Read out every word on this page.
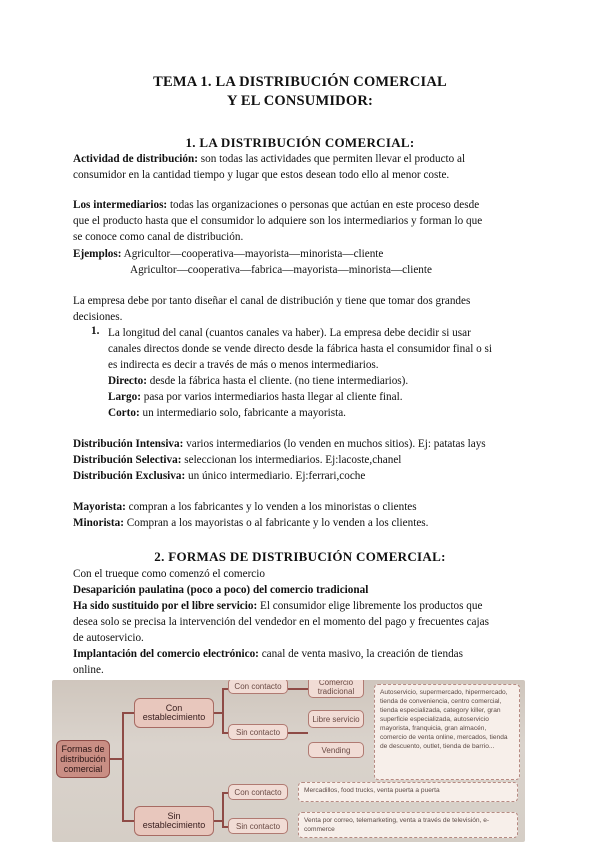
TEMA 1. LA DISTRIBUCIÓN COMERCIAL
Y EL CONSUMIDOR:
1. LA DISTRIBUCIÓN COMERCIAL:
Actividad de distribución: son todas las actividades que permiten llevar el producto al
consumidor en la cantidad tiempo y lugar que estos desean todo ello al menor coste.
Los intermediarios: todas las organizaciones o personas que actúan en este proceso desde
que el producto hasta que el consumidor lo adquiere son los intermediarios y forman lo que
se conoce como canal de distribución.
Ejemplos: Agricultor—cooperativa—mayorista—minorista—cliente
Agricultor—cooperativa—fabrica—mayorista—minorista—cliente
La empresa debe por tanto diseñar el canal de distribución y tiene que tomar dos grandes
decisiones.
1. La longitud del canal (cuantos canales va haber). La empresa debe decidir si usar
canales directos donde se vende directo desde la fábrica hasta el consumidor final o si
es indirecta es decir a través de más o menos intermediarios.
Directo: desde la fábrica hasta el cliente. (no tiene intermediarios).
Largo: pasa por varios intermediarios hasta llegar al cliente final.
Corto: un intermediario solo, fabricante a mayorista.
Distribución Intensiva: varios intermediarios (lo venden en muchos sitios). Ej: patatas lays
Distribución Selectiva: seleccionan los intermediarios. Ej:lacoste,chanel
Distribución Exclusiva: un único intermediario. Ej:ferrari,coche
Mayorista: compran a los fabricantes y lo venden a los minoristas o clientes
Minorista: Compran a los mayoristas o al fabricante y lo venden a los clientes.
2. FORMAS DE DISTRIBUCIÓN COMERCIAL:
Con el trueque como comenzó el comercio
Desaparición paulatina (poco a poco) del comercio tradicional
Ha sido sustituido por el libre servicio: El consumidor elige libremente los productos que
desea solo se precisa la intervención del vendedor en el momento del pago y frecuentes cajas
de autoservicio.
Implantación del comercio electrónico: canal de venta masivo, la creación de tiendas
online.
Formas de distribución comercial
Con establecimiento
Sin establecimiento
Con contacto
Sin contacto
Con contacto
Sin contacto
Comercio tradicional
Libre servicio
Vending
Autoservicio, supermercado, hipermercado, tienda de conveniencia, centro comercial, tienda especializada, category killer, gran superficie especializada, autoservicio mayorista, franquicia, gran almacén, comercio de venta online, mercados, tienda de descuento, outlet, tienda de barrio...
Mercadillos, food trucks, venta puerta a puerta
Venta por correo, telemarketing, venta a través de televisión, e-commerce
